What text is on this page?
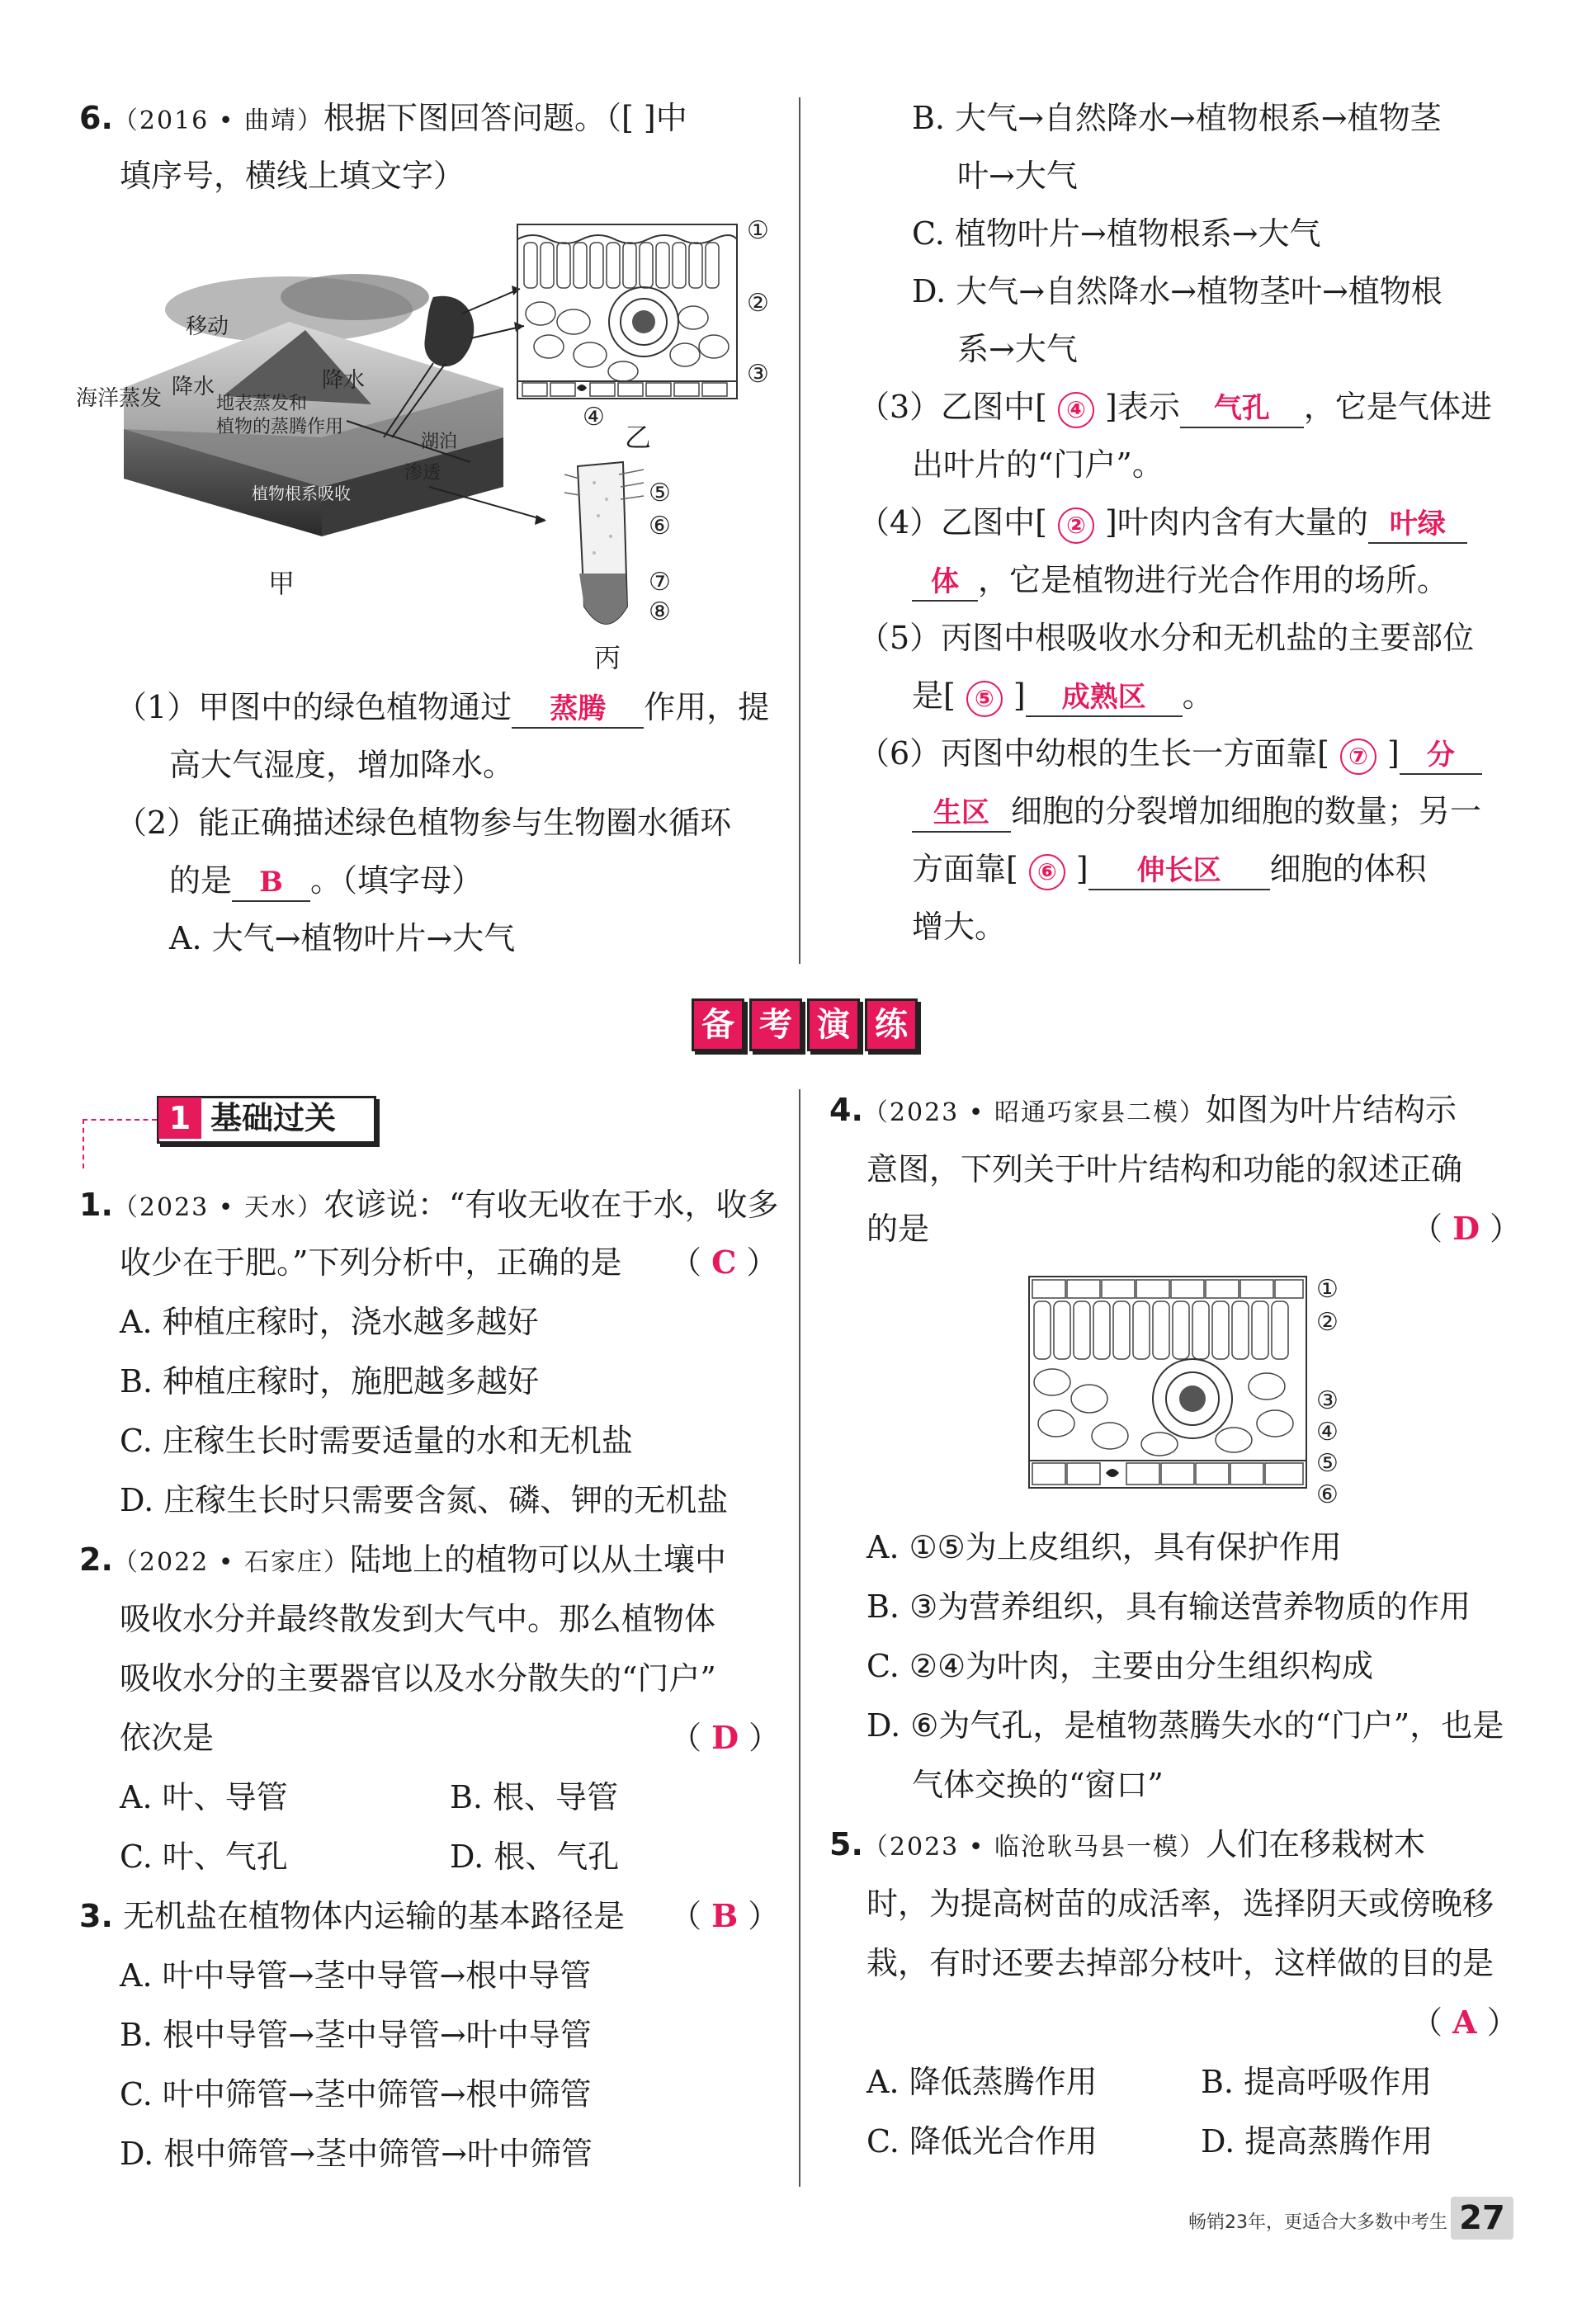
6.（2016 • 曲靖）根据下图回答问题。（[ ]中
填序号，横线上填文字）
移动
降水	降水
海洋蒸发	地表蒸发和
植物的蒸腾作用
湖泊
渗透
植物根系吸收
甲
①
②
③
④
乙
⑤
⑥
⑦
⑧
丙
（1）甲图中的绿色植物通过 蒸腾 作用，提
高大气湿度，增加降水。
（2）能正确描述绿色植物参与生物圈水循环
的是 B 。（填字母）
A. 大气→植物叶片→大气
B. 大气→自然降水→植物根系→植物茎
叶→大气
C. 植物叶片→植物根系→大气
D. 大气→自然降水→植物茎叶→植物根
系→大气
（3）乙图中[ ④ ]表示 气孔 ，它是气体进
出叶片的“门户”。
（4）乙图中[ ② ]叶肉内含有大量的 叶绿
体 ，它是植物进行光合作用的场所。
（5）丙图中根吸收水分和无机盐的主要部位
是[ ⑤ ] 成熟区 。
（6）丙图中幼根的生长一方面靠[ ⑦ ] 分
生区 细胞的分裂增加细胞的数量；另一
方面靠[ ⑥ ] 伸长区 细胞的体积
增大。
备 考 演 练
1 基础过关
1.（2023 • 天水）农谚说：“有收无收在于水，收多
收少在于肥。”下列分析中，正确的是 （ C ）
A. 种植庄稼时，浇水越多越好
B. 种植庄稼时，施肥越多越好
C. 庄稼生长时需要适量的水和无机盐
D. 庄稼生长时只需要含氮、磷、钾的无机盐
2.（2022 • 石家庄）陆地上的植物可以从土壤中
吸收水分并最终散发到大气中。那么植物体
吸收水分的主要器官以及水分散失的“门户”
依次是	（ D ）
A. 叶、导管	B. 根、导管
C. 叶、气孔	D. 根、气孔
3. 无机盐在植物体内运输的基本路径是 （ B ）
A. 叶中导管→茎中导管→根中导管
B. 根中导管→茎中导管→叶中导管
C. 叶中筛管→茎中筛管→根中筛管
D. 根中筛管→茎中筛管→叶中筛管
4.（2023 • 昭通巧家县二模）如图为叶片结构示
意图，下列关于叶片结构和功能的叙述正确
的是	（ D ）
①
②
③
④
⑤
⑥
A. ①⑤为上皮组织，具有保护作用
B. ③为营养组织，具有输送营养物质的作用
C. ②④为叶肉，主要由分生组织构成
D. ⑥为气孔，是植物蒸腾失水的“门户”，也是
气体交换的“窗口”
5.（2023 • 临沧耿马县一模）人们在移栽树木
时，为提高树苗的成活率，选择阴天或傍晚移
栽，有时还要去掉部分枝叶，这样做的目的是
（ A ）
A. 降低蒸腾作用	B. 提高呼吸作用
C. 降低光合作用	D. 提高蒸腾作用
畅销23年，更适合大多数中考生 27
